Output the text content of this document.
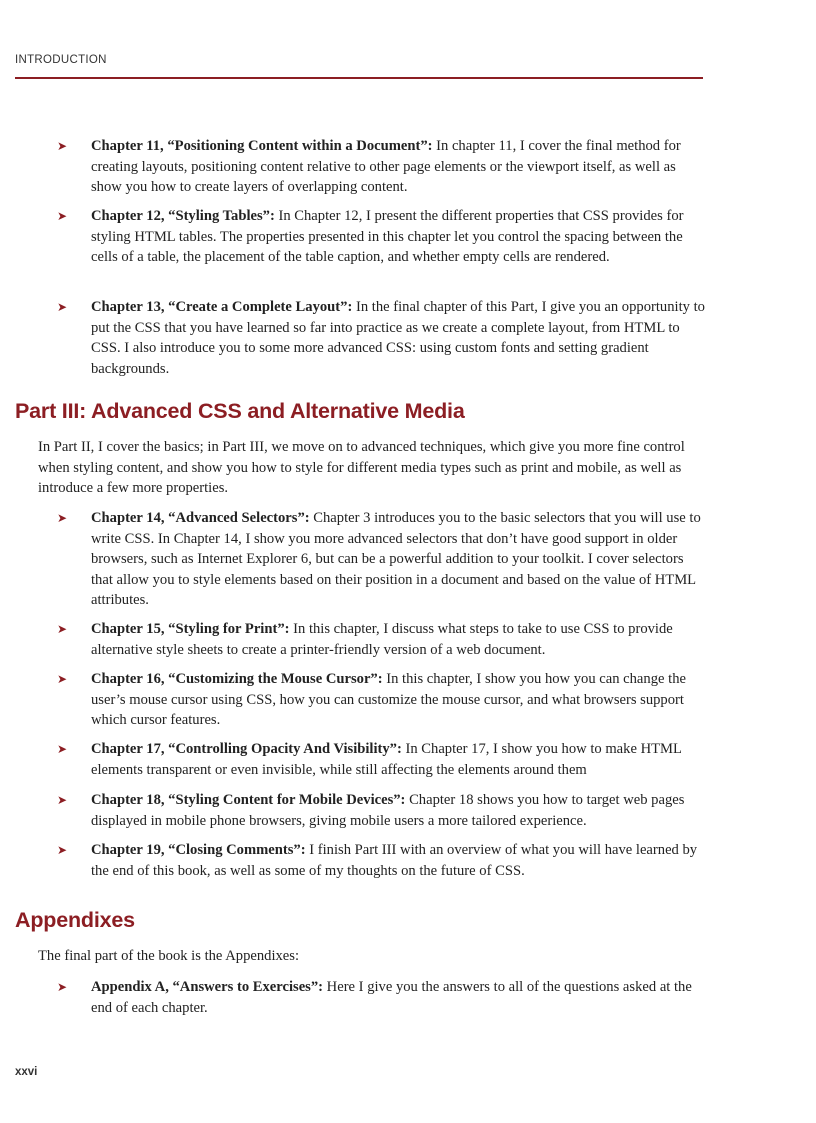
INTRODUCTION
➤ Chapter 11, “Positioning Content within a Document”: In chapter 11, I cover the final method for creating layouts, positioning content relative to other page elements or the viewport itself, as well as show you how to create layers of overlapping content.
➤ Chapter 12, “Styling Tables”: In Chapter 12, I present the different properties that CSS provides for styling HTML tables. The properties presented in this chapter let you control the spacing between the cells of a table, the placement of the table caption, and whether empty cells are rendered.
➤ Chapter 13, “Create a Complete Layout”: In the final chapter of this Part, I give you an opportunity to put the CSS that you have learned so far into practice as we create a complete layout, from HTML to CSS. I also introduce you to some more advanced CSS: using custom fonts and setting gradient backgrounds.
Part III: Advanced CSS and Alternative Media

In Part II, I cover the basics; in Part III, we move on to advanced techniques, which give you more fine control when styling content, and show you how to style for different media types such as print and mobile, as well as introduce a few more properties.

➤ Chapter 14, “Advanced Selectors”: Chapter 3 introduces you to the basic selectors that you will use to write CSS. In Chapter 14, I show you more advanced selectors that don’t have good support in older browsers, such as Internet Explorer 6, but can be a powerful addition to your toolkit. I cover selectors that allow you to style elements based on their position in a document and based on the value of HTML attributes.
➤ Chapter 15, “Styling for Print”: In this chapter, I discuss what steps to take to use CSS to provide alternative style sheets to create a printer-friendly version of a web document.
➤ Chapter 16, “Customizing the Mouse Cursor”: In this chapter, I show you how you can change the user’s mouse cursor using CSS, how you can customize the mouse cursor, and what browsers support which cursor features.
➤ Chapter 17, “Controlling Opacity And Visibility”: In Chapter 17, I show you how to make HTML elements transparent or even invisible, while still affecting the elements around them
➤ Chapter 18, “Styling Content for Mobile Devices”: Chapter 18 shows you how to target web pages displayed in mobile phone browsers, giving mobile users a more tailored experience.
➤ Chapter 19, “Closing Comments”: I finish Part III with an overview of what you will have learned by the end of this book, as well as some of my thoughts on the future of CSS.
Appendixes

The final part of the book is the Appendixes:

➤ Appendix A, “Answers to Exercises”: Here I give you the answers to all of the questions asked at the end of each chapter.
xxvi
